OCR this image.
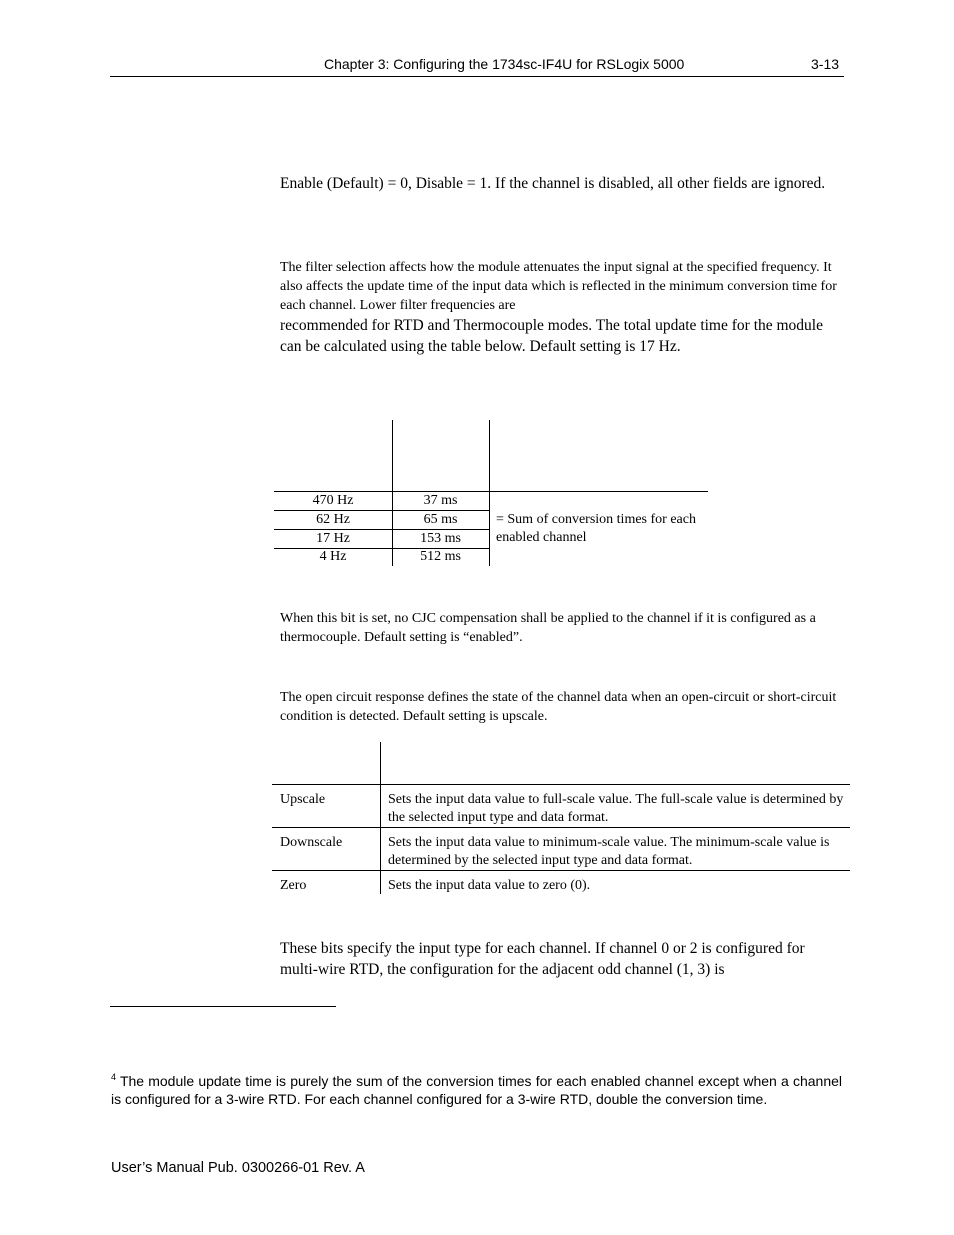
Chapter 3: Configuring the 1734sc-IF4U for RSLogix 5000	3-13
Enable (Default) = 0, Disable = 1. If the channel is disabled, all other fields are ignored.
The filter selection affects how the module attenuates the input signal at the specified frequency. It also affects the update time of the input data which is reflected in the minimum conversion time for each channel. Lower filter frequencies are
recommended for RTD and Thermocouple modes. The total update time for the module can be calculated using the table below. Default setting is 17 Hz.
470 Hz	37 ms
62 Hz	65 ms
17 Hz	153 ms
4 Hz	512 ms
= Sum of conversion times for each enabled channel
When this bit is set, no CJC compensation shall be applied to the channel if it is configured as a thermocouple. Default setting is “enabled”.
The open circuit response defines the state of the channel data when an open-circuit or short-circuit condition is detected. Default setting is upscale.
Upscale	Sets the input data value to full-scale value. The full-scale value is determined by the selected input type and data format.
Downscale	Sets the input data value to minimum-scale value. The minimum-scale value is determined by the selected input type and data format.
Zero	Sets the input data value to zero (0).
These bits specify the input type for each channel. If channel 0 or 2 is configured for multi-wire RTD, the configuration for the adjacent odd channel (1, 3) is
$^4$ The module update time is purely the sum of the conversion times for each enabled channel except when a channel is configured for a 3-wire RTD. For each channel configured for a 3-wire RTD, double the conversion time.
User’s Manual Pub. 0300266-01 Rev. A
